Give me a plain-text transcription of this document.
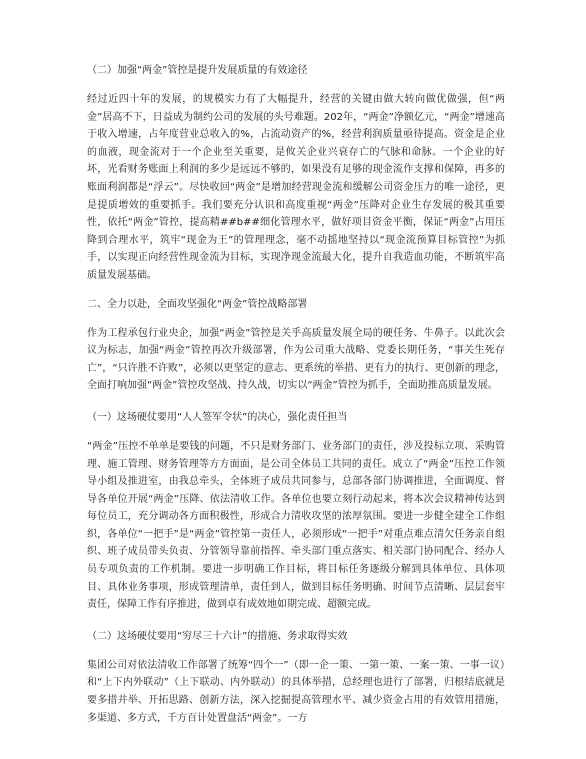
（二）加强“两金”管控是提升发展质量的有效途径

经过近四十年的发展，的规模实力有了大幅提升，经营的关键由做大转向做优做强，但“两金”居高不下，日益成为制约公司的发展的头号难题。202年，“两金”净额亿元，“两金”增速高于收入增速，占年度营业总收入的%，占流动资产的%，经营利润质量亟待提高。资金是企业的血液，现金流对于一个企业至关重要，是攸关企业兴衰存亡的气脉和命脉。一个企业的好坏，光看财务账面上利润的多少是远远不够的，如果没有足够的现金流作支撑和保障，再多的账面利润都是“浮云”。尽快收回“两金”是增加经营现金流和缓解公司资金压力的唯一途径，更是提质增效的重要抓手。我们要充分认识和高度重视“两金”压降对企业生存发展的极其重要性，依托“两金”管控，提高精##b##细化管理水平，做好项目资金平衡，保证“两金”占用压降到合理水平，筑牢“现金为王”的管理理念，毫不动摇地坚持以“现金流预算目标管控”为抓手，以实现正向经营性现金流为目标，实现净现金流最大化，提升自我造血功能，不断筑牢高质量发展基础。

二、全力以赴，全面攻坚强化“两金”管控战略部署

作为工程承包行业央企，加强“两金”管控是关乎高质量发展全局的硬任务、牛鼻子。以此次会议为标志，加强“两金”管控再次升级部署，作为公司重大战略、党委长期任务，“事关生死存亡”，“只许胜不许败”，必须以更坚定的意志、更系统的举措、更有力的执行、更创新的理念，全面打响加强“两金”管控攻坚战、持久战，切实以“两金”管控为抓手，全面助推高质量发展。

（一）这场硬仗要用“人人签军令状”的决心，强化责任担当

“两金”压控不单单是要钱的问题，不只是财务部门、业务部门的责任，涉及投标立项、采购管理、施工管理、财务管理等方方面面，是公司全体员工共同的责任。成立了“两金”压控工作领导小组及推进室，由我总牵头，全体班子成员共同参与，总部各部门协调推进，全面调度、督导各单位开展“两金”压降、依法清收工作。各单位也要立刻行动起来，将本次会议精神传达到每位员工，充分调动各方面积极性，形成合力清收攻坚的浓厚氛围。要进一步健全建全工作组织，各单位“一把手”是“两金”管控第一责任人，必须形成“一把手”对重点难点清欠任务亲自组织、班子成员带头负责、分管领导靠前指挥、牵头部门重点落实、相关部门协同配合、经办人员专项负责的工作机制。要进一步明确工作目标，将目标任务逐级分解到具体单位、具体项目、具体业务事项，形成管理清单，责任到人，做到目标任务明确、时间节点清晰、层层套牢责任，保障工作有序推进，做到卓有成效地如期完成、超额完成。

（二）这场硬仗要用“穷尽三十六计”的措施、务求取得实效

集团公司对依法清收工作部署了统筹“四个一”（即一企一策、一第一策、一案一策、一事一议）和“上下内外联动”（上下联动、内外联动）的具体举措，总经理也进行了部署，归根结底就是要多措并举、开拓思路、创新方法，深入挖掘提高管理水平、减少资金占用的有效管用措施，多渠道、多方式，千方百计处置盘活“两金”。一方
